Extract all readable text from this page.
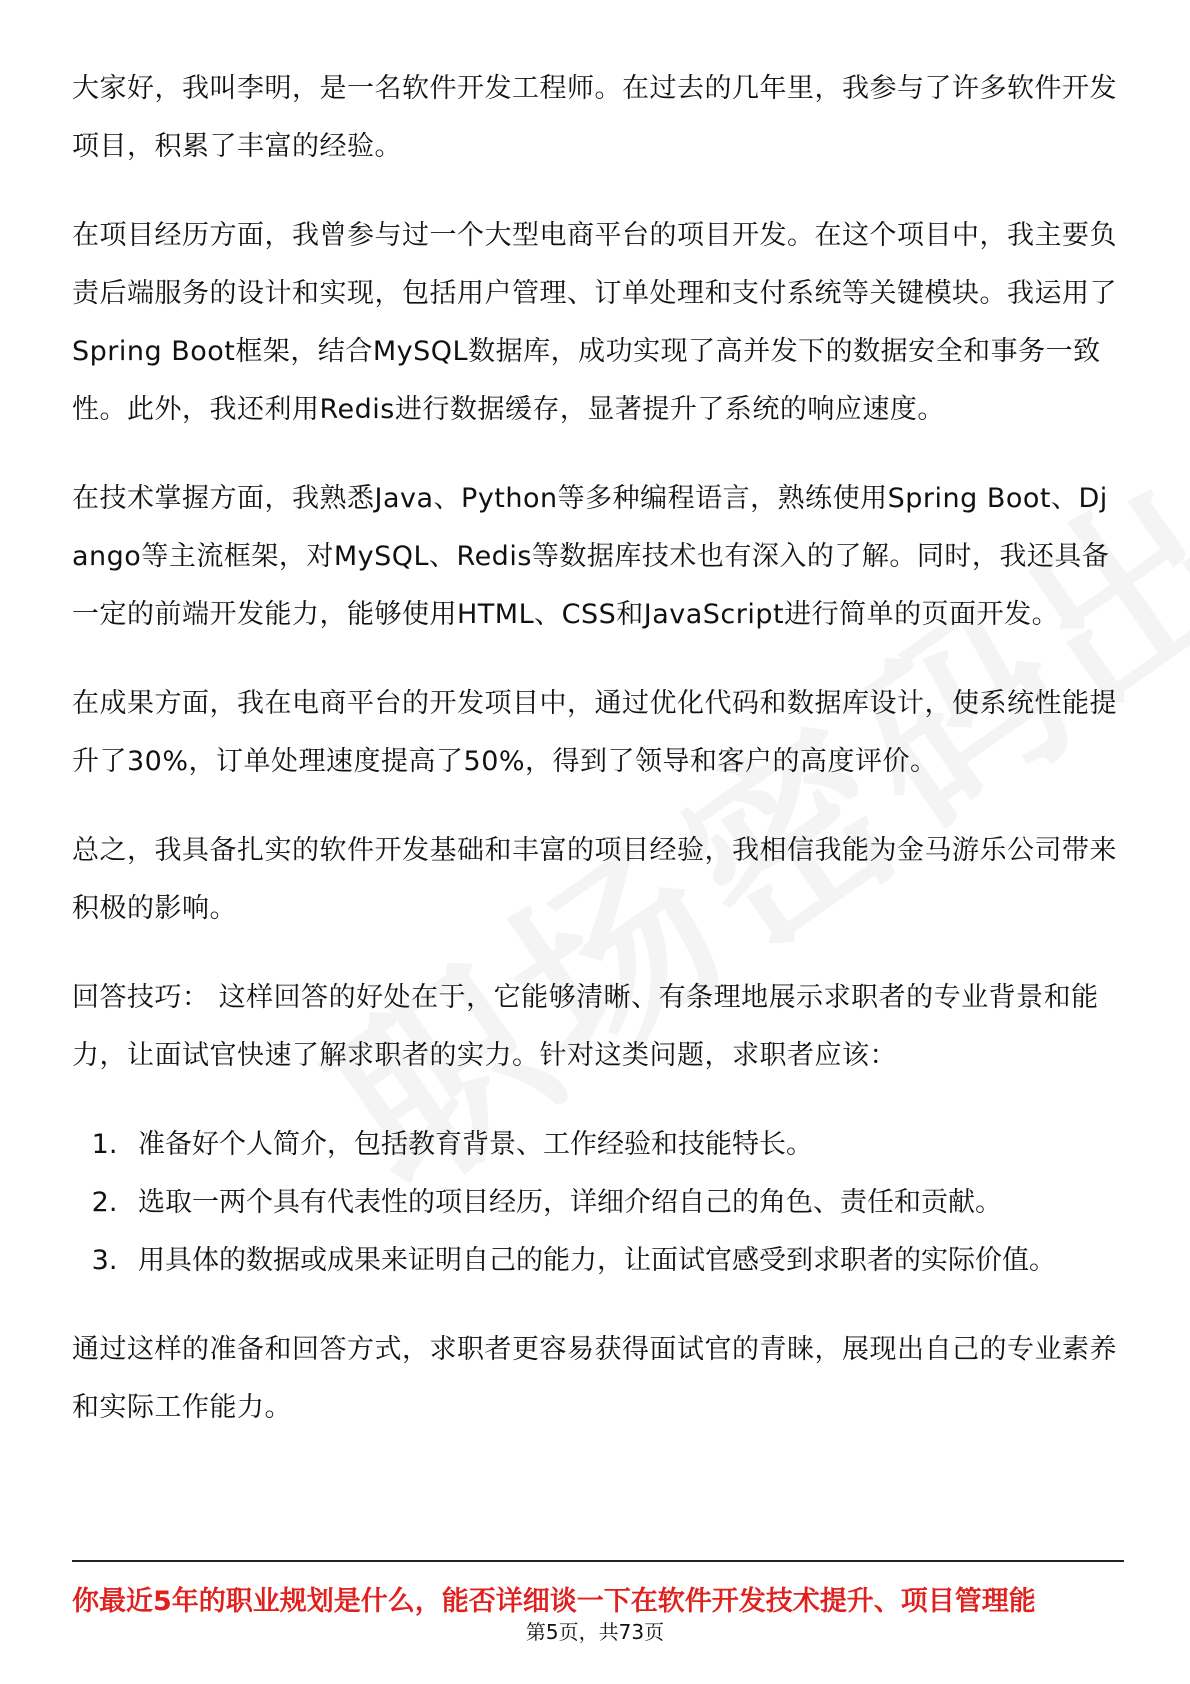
大家好，我叫李明，是一名软件开发工程师。在过去的几年里，我参与了许多软件开发项目，积累了丰富的经验。

在项目经历方面，我曾参与过一个大型电商平台的项目开发。在这个项目中，我主要负责后端服务的设计和实现，包括用户管理、订单处理和支付系统等关键模块。我运用了Spring Boot框架，结合MySQL数据库，成功实现了高并发下的数据安全和事务一致性。此外，我还利用Redis进行数据缓存，显著提升了系统的响应速度。

在技术掌握方面，我熟悉Java、Python等多种编程语言，熟练使用Spring Boot、Django等主流框架，对MySQL、Redis等数据库技术也有深入的了解。同时，我还具备一定的前端开发能力，能够使用HTML、CSS和JavaScript进行简单的页面开发。

在成果方面，我在电商平台的开发项目中，通过优化代码和数据库设计，使系统性能提升了30%，订单处理速度提高了50%，得到了领导和客户的高度评价。

总之，我具备扎实的软件开发基础和丰富的项目经验，我相信我能为金马游乐公司带来积极的影响。

回答技巧： 这样回答的好处在于，它能够清晰、有条理地展示求职者的专业背景和能力，让面试官快速了解求职者的实力。针对这类问题，求职者应该：

1. 准备好个人简介，包括教育背景、工作经验和技能特长。
2. 选取一两个具有代表性的项目经历，详细介绍自己的角色、责任和贡献。
3. 用具体的数据或成果来证明自己的能力，让面试官感受到求职者的实际价值。

通过这样的准备和回答方式，求职者更容易获得面试官的青睐，展现出自己的专业素养和实际工作能力。

你最近5年的职业规划是什么，能否详细谈一下在软件开发技术提升、项目管理能
第5页，共73页
